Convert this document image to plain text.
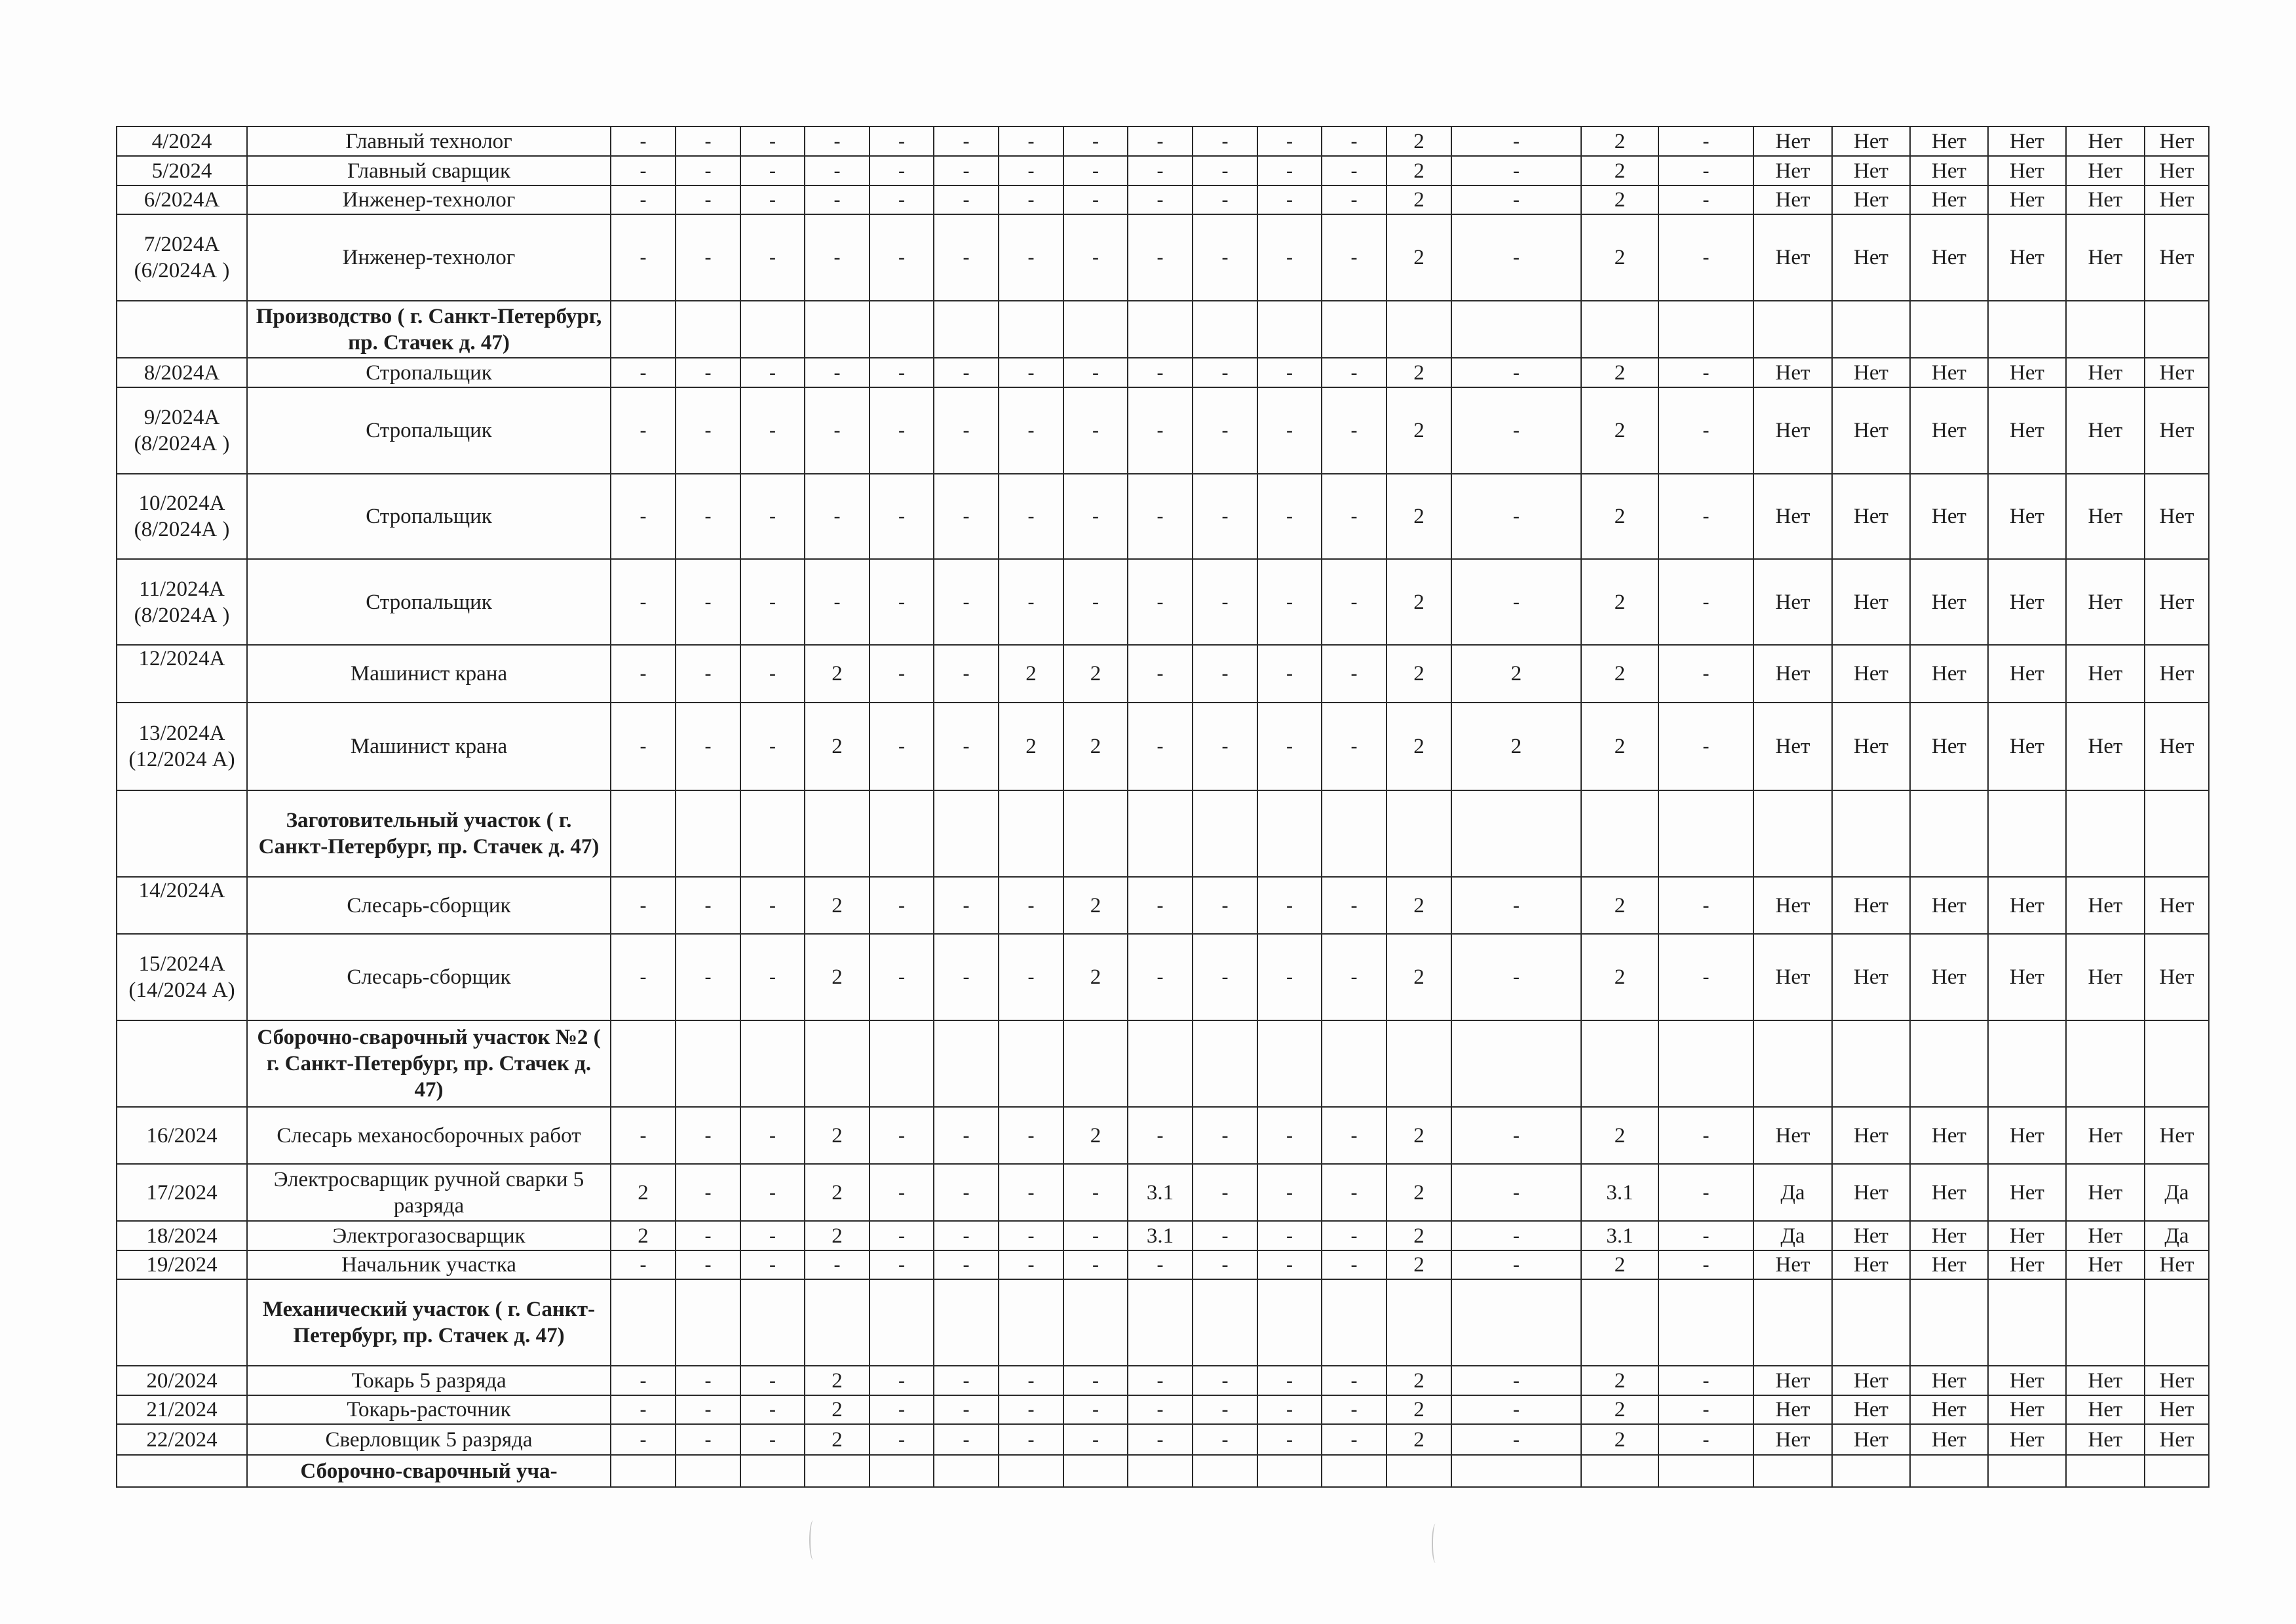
4/2024	Главный технолог	-	-	-	-	-	-	-	-	-	-	-	-	2	-	2	-	Нет	Нет	Нет	Нет	Нет	Нет
5/2024	Главный сварщик	-	-	-	-	-	-	-	-	-	-	-	-	2	-	2	-	Нет	Нет	Нет	Нет	Нет	Нет
6/2024А	Инженер-технолог	-	-	-	-	-	-	-	-	-	-	-	-	2	-	2	-	Нет	Нет	Нет	Нет	Нет	Нет
7/2024А (6/2024А )	Инженер-технолог	-	-	-	-	-	-	-	-	-	-	-	-	2	-	2	-	Нет	Нет	Нет	Нет	Нет	Нет
	Производство ( г. Санкт-Петербург, пр. Стачек д. 47)																						
8/2024А	Стропальщик	-	-	-	-	-	-	-	-	-	-	-	-	2	-	2	-	Нет	Нет	Нет	Нет	Нет	Нет
9/2024А (8/2024А )	Стропальщик	-	-	-	-	-	-	-	-	-	-	-	-	2	-	2	-	Нет	Нет	Нет	Нет	Нет	Нет
10/2024А (8/2024А )	Стропальщик	-	-	-	-	-	-	-	-	-	-	-	-	2	-	2	-	Нет	Нет	Нет	Нет	Нет	Нет
11/2024А (8/2024А )	Стропальщик	-	-	-	-	-	-	-	-	-	-	-	-	2	-	2	-	Нет	Нет	Нет	Нет	Нет	Нет
12/2024А	Машинист крана	-	-	-	2	-	-	2	2	-	-	-	-	2	2	2	-	Нет	Нет	Нет	Нет	Нет	Нет
13/2024А (12/2024 А)	Машинист крана	-	-	-	2	-	-	2	2	-	-	-	-	2	2	2	-	Нет	Нет	Нет	Нет	Нет	Нет
	Заготовительный участок ( г. Санкт-Петербург, пр. Стачек д. 47)																						
14/2024А	Слесарь-сборщик	-	-	-	2	-	-	-	2	-	-	-	-	2	-	2	-	Нет	Нет	Нет	Нет	Нет	Нет
15/2024А (14/2024 А)	Слесарь-сборщик	-	-	-	2	-	-	-	2	-	-	-	-	2	-	2	-	Нет	Нет	Нет	Нет	Нет	Нет
	Сборочно-сварочный участок №2 ( г. Санкт-Петербург, пр. Стачек д. 47)																						
16/2024	Слесарь механосборочных работ	-	-	-	2	-	-	-	2	-	-	-	-	2	-	2	-	Нет	Нет	Нет	Нет	Нет	Нет
17/2024	Электросварщик ручной сварки 5 разряда	2	-	-	2	-	-	-	-	3.1	-	-	-	2	-	3.1	-	Да	Нет	Нет	Нет	Нет	Да
18/2024	Электрогазосварщик	2	-	-	2	-	-	-	-	3.1	-	-	-	2	-	3.1	-	Да	Нет	Нет	Нет	Нет	Да
19/2024	Начальник участка	-	-	-	-	-	-	-	-	-	-	-	-	2	-	2	-	Нет	Нет	Нет	Нет	Нет	Нет
	Механический участок ( г. Санкт-Петербург, пр. Стачек д. 47)																						
20/2024	Токарь 5 разряда	-	-	-	2	-	-	-	-	-	-	-	-	2	-	2	-	Нет	Нет	Нет	Нет	Нет	Нет
21/2024	Токарь-расточник	-	-	-	2	-	-	-	-	-	-	-	-	2	-	2	-	Нет	Нет	Нет	Нет	Нет	Нет
22/2024	Сверловщик 5 разряда	-	-	-	2	-	-	-	-	-	-	-	-	2	-	2	-	Нет	Нет	Нет	Нет	Нет	Нет
	Сборочно-сварочный уча-																						
